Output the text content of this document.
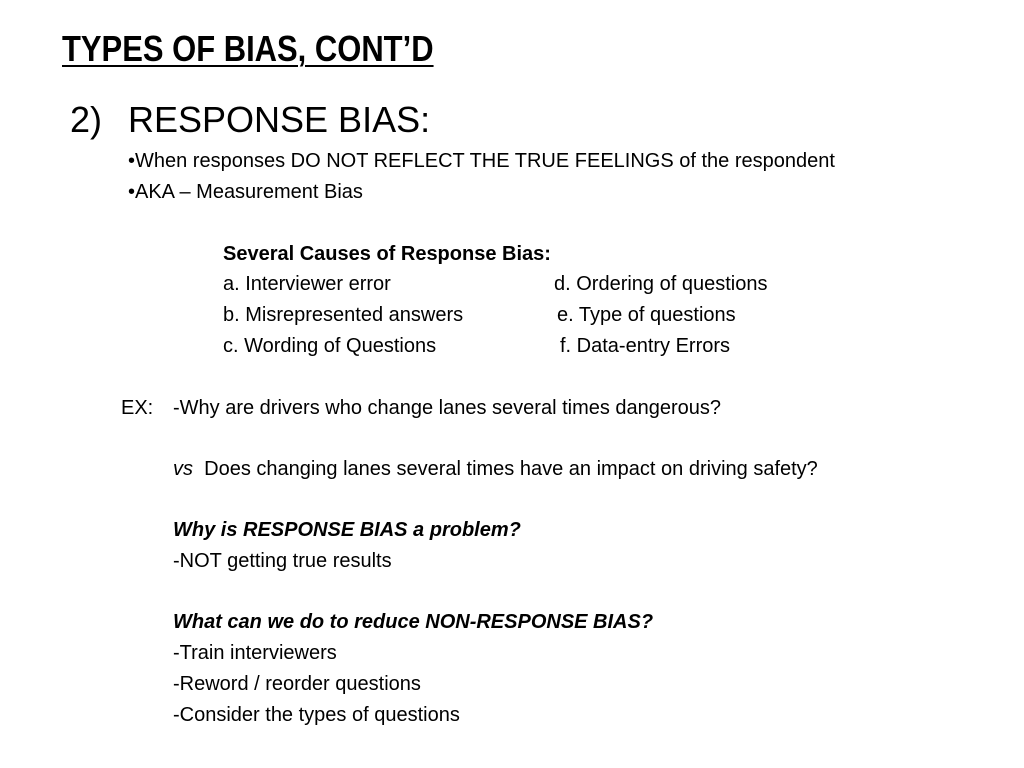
TYPES OF BIAS, CONT’D
2) RESPONSE BIAS:
•When responses DO NOT REFLECT THE TRUE FEELINGS of the respondent
•AKA – Measurement Bias
Several Causes of Response Bias:
a. Interviewer error
b. Misrepresented answers
c. Wording of Questions
d. Ordering of questions
e. Type of questions
f. Data-entry Errors
EX: -Why are drivers who change lanes several times dangerous?
vs Does changing lanes several times have an impact on driving safety?
Why is RESPONSE BIAS a problem?
-NOT getting true results
What can we do to reduce NON-RESPONSE BIAS?
-Train interviewers
-Reword / reorder questions
-Consider the types of questions
